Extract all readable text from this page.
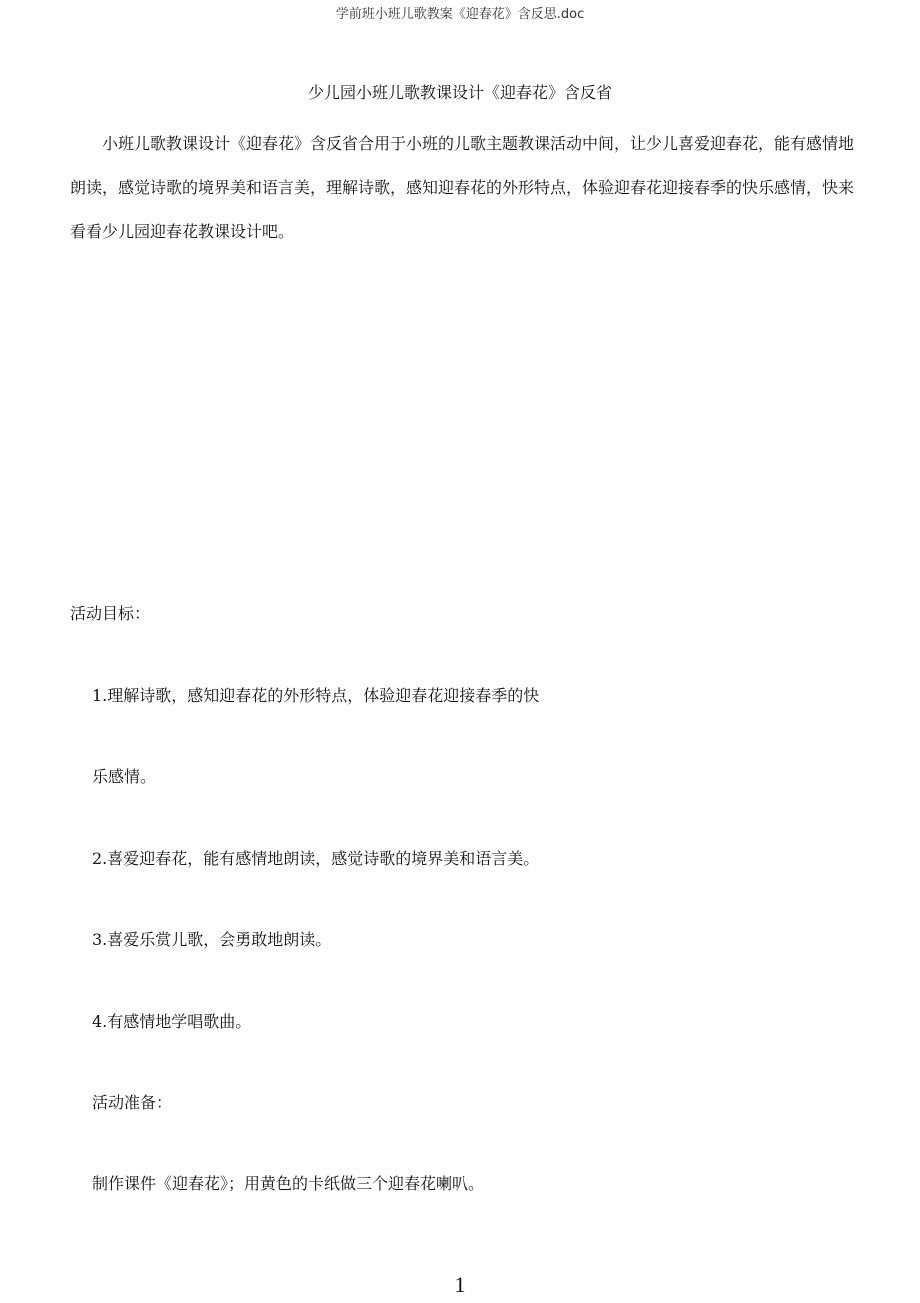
学前班小班儿歌教案《迎春花》含反思.doc
少儿园小班儿歌教课设计《迎春花》含反省
小班儿歌教课设计《迎春花》含反省合用于小班的儿歌主题教课活动中间，让少儿喜爱迎春花，能有感情地朗读，感觉诗歌的境界美和语言美，理解诗歌，感知迎春花的外形特点，体验迎春花迎接春季的快乐感情，快来看看少儿园迎春花教课设计吧。
活动目标：
1.理解诗歌，感知迎春花的外形特点，体验迎春花迎接春季的快
乐感情。
2.喜爱迎春花，能有感情地朗读，感觉诗歌的境界美和语言美。
3.喜爱乐赏儿歌，会勇敢地朗读。
4.有感情地学唱歌曲。
活动准备：
制作课件《迎春花》；用黄色的卡纸做三个迎春花喇叭。
1
